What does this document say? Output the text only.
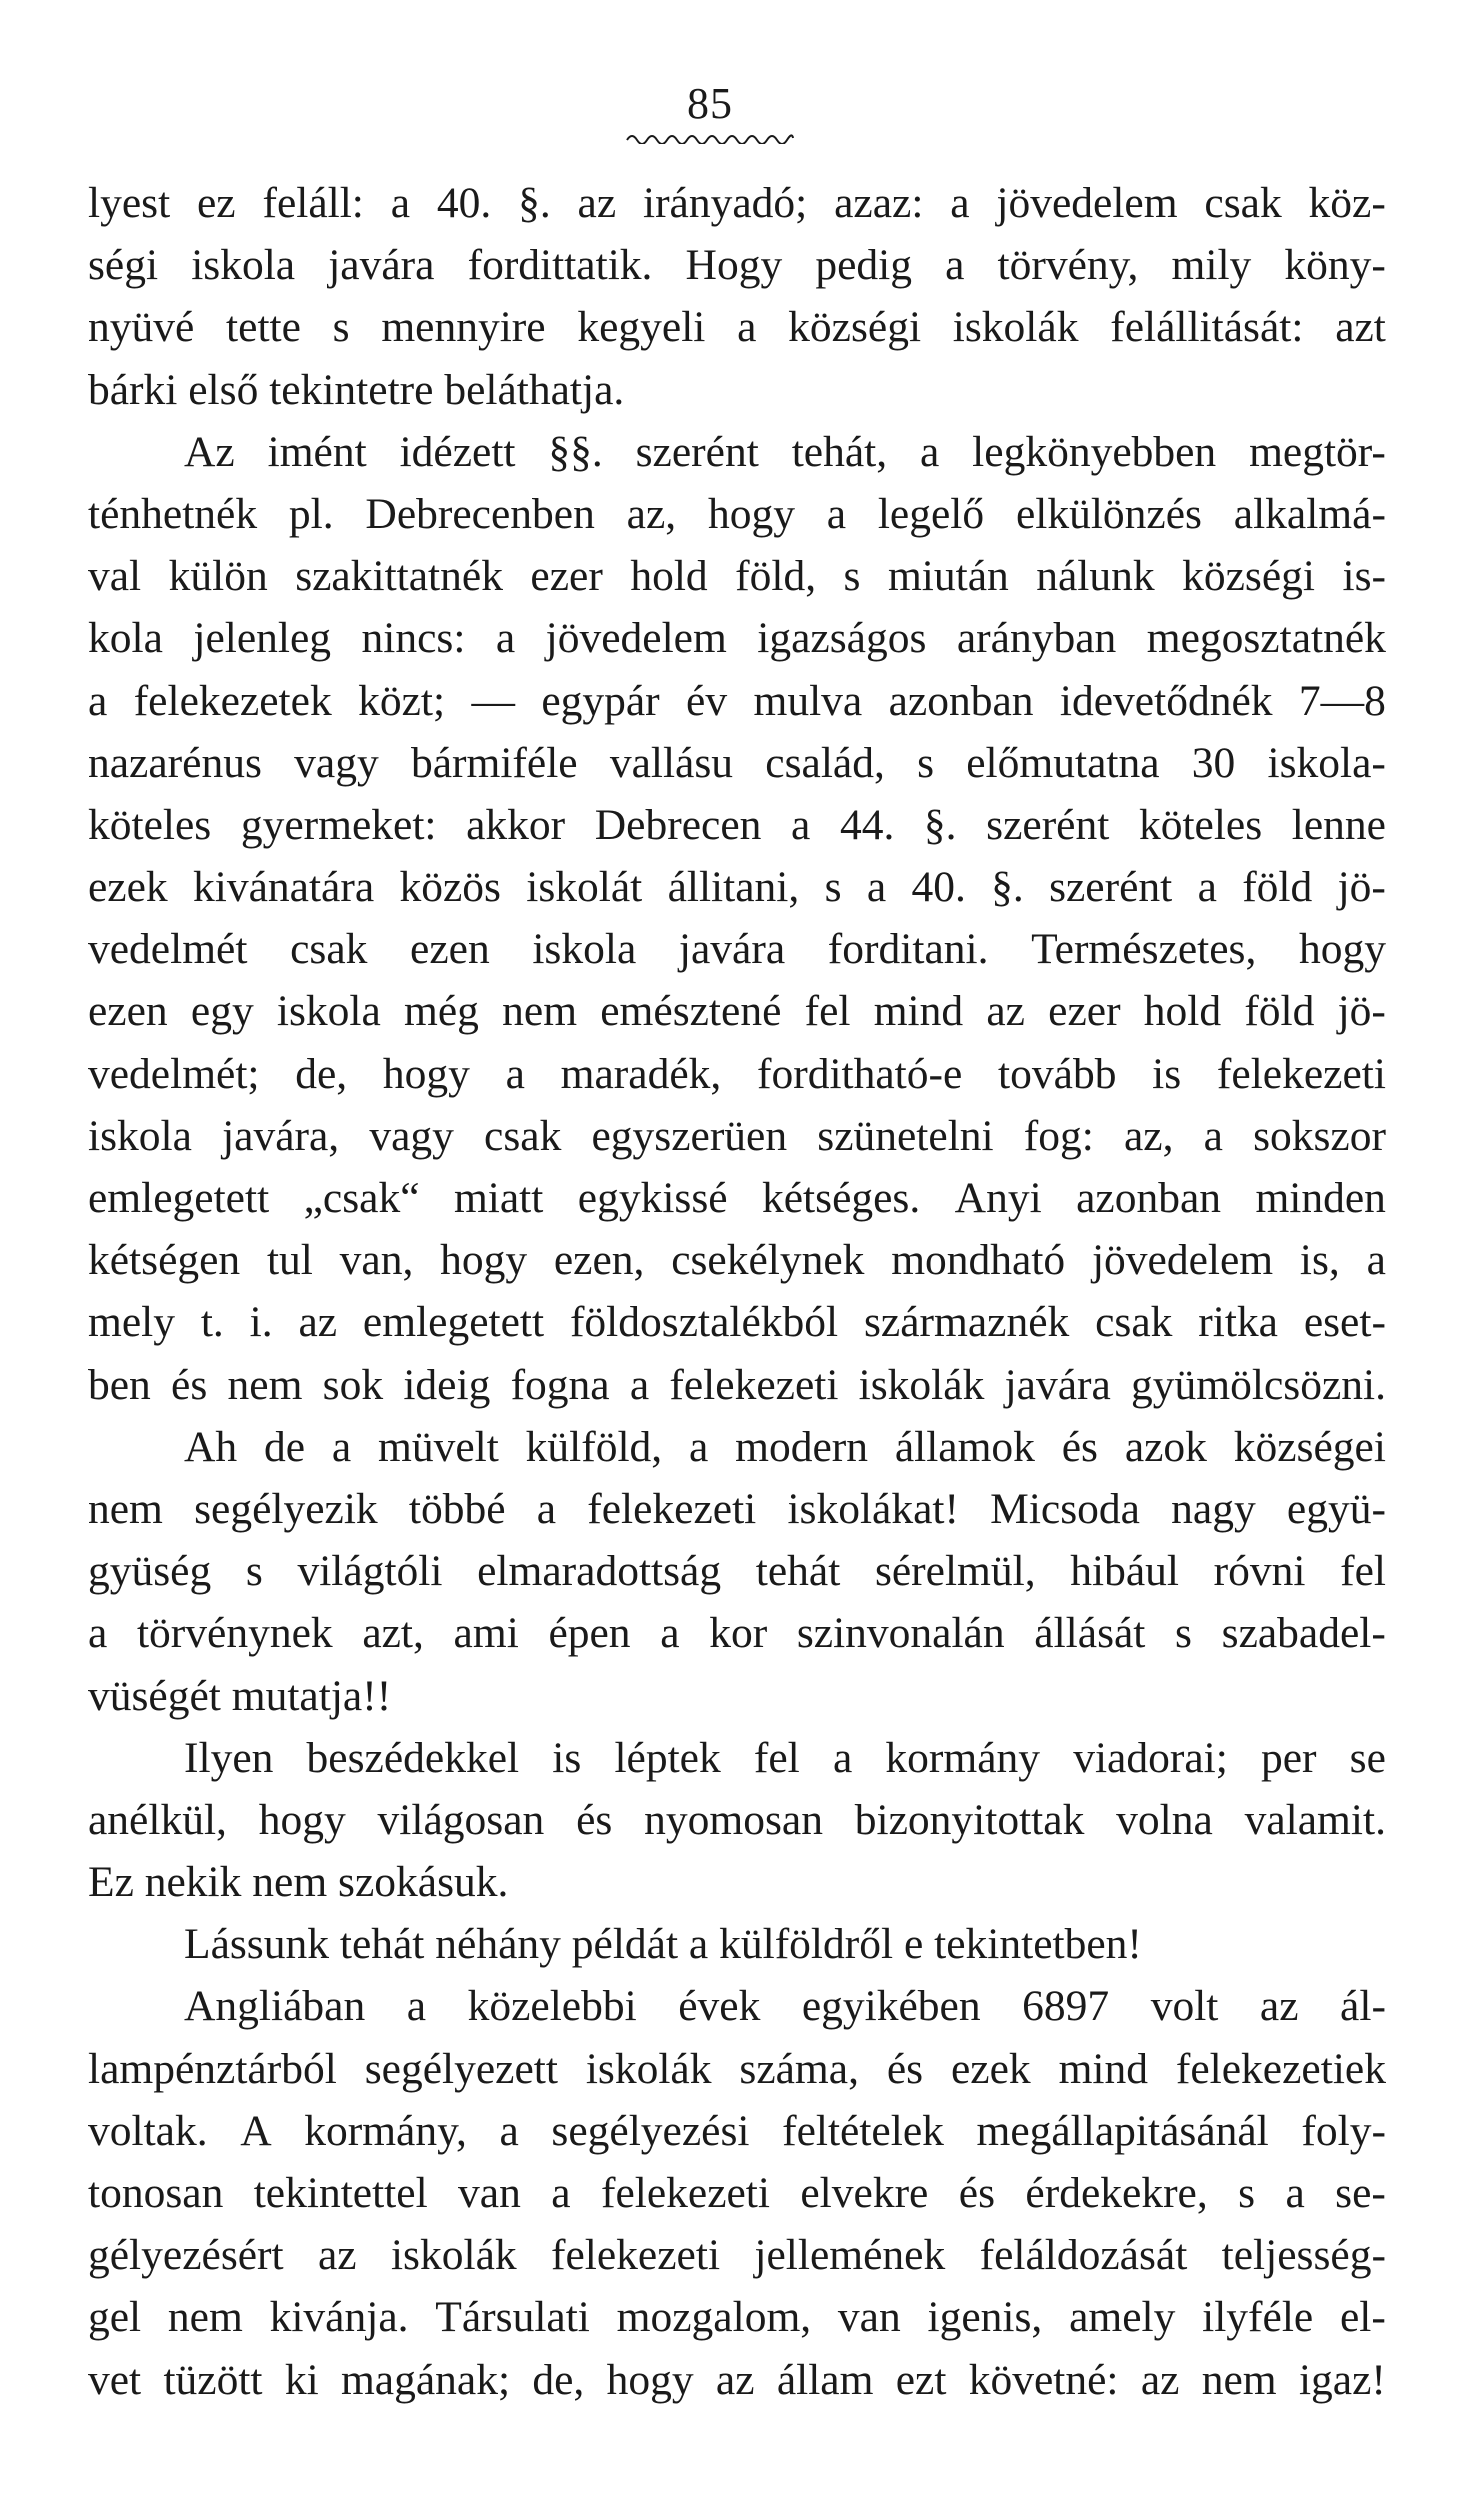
85
lyest ez feláll: a 40. §. az irányadó; azaz: a jövedelem csak köz-
ségi iskola javára fordittatik. Hogy pedig a törvény, mily köny-
nyüvé tette s mennyire kegyeli a községi iskolák felállitását: azt
bárki első tekintetre beláthatja.
Az imént idézett §§. szerént tehát, a legkönyebben megtör-
ténhetnék pl. Debrecenben az, hogy a legelő elkülönzés alkalmá-
val külön szakittatnék ezer hold föld, s miután nálunk községi is-
kola jelenleg nincs: a jövedelem igazságos arányban megosztatnék
a felekezetek közt; — egypár év mulva azonban idevetődnék 7—8
nazarénus vagy bármiféle vallásu család, s előmutatna 30 iskola-
köteles gyermeket: akkor Debrecen a 44. §. szerént köteles lenne
ezek kivánatára közös iskolát állitani, s a 40. §. szerént a föld jö-
vedelmét csak ezen iskola javára forditani. Természetes, hogy
ezen egy iskola még nem emésztené fel mind az ezer hold föld jö-
vedelmét; de, hogy a maradék, forditható-e tovább is felekezeti
iskola javára, vagy csak egyszerüen szünetelni fog: az, a sokszor
emlegetett „csak“ miatt egykissé kétséges. Anyi azonban minden
kétségen tul van, hogy ezen, csekélynek mondható jövedelem is, a
mely t. i. az emlegetett földosztalékból származnék csak ritka eset-
ben és nem sok ideig fogna a felekezeti iskolák javára gyümölcsözni.
Ah de a müvelt külföld, a modern államok és azok községei
nem segélyezik többé a felekezeti iskolákat! Micsoda nagy együ-
gyüség s világtóli elmaradottság tehát sérelmül, hibául róvni fel
a törvénynek azt, ami épen a kor szinvonalán állását s szabadel-
vüségét mutatja!!
Ilyen beszédekkel is léptek fel a kormány viadorai; per se
anélkül, hogy világosan és nyomosan bizonyitottak volna valamit.
Ez nekik nem szokásuk.
Lássunk tehát néhány példát a külföldről e tekintetben!
Angliában a közelebbi évek egyikében 6897 volt az ál-
lampénztárból segélyezett iskolák száma, és ezek mind felekezetiek
voltak. A kormány, a segélyezési feltételek megállapitásánál foly-
tonosan tekintettel van a felekezeti elvekre és érdekekre, s a se-
gélyezésért az iskolák felekezeti jellemének feláldozását teljesség-
gel nem kivánja. Társulati mozgalom, van igenis, amely ilyféle el-
vet tüzött ki magának; de, hogy az állam ezt követné: az nem igaz!
